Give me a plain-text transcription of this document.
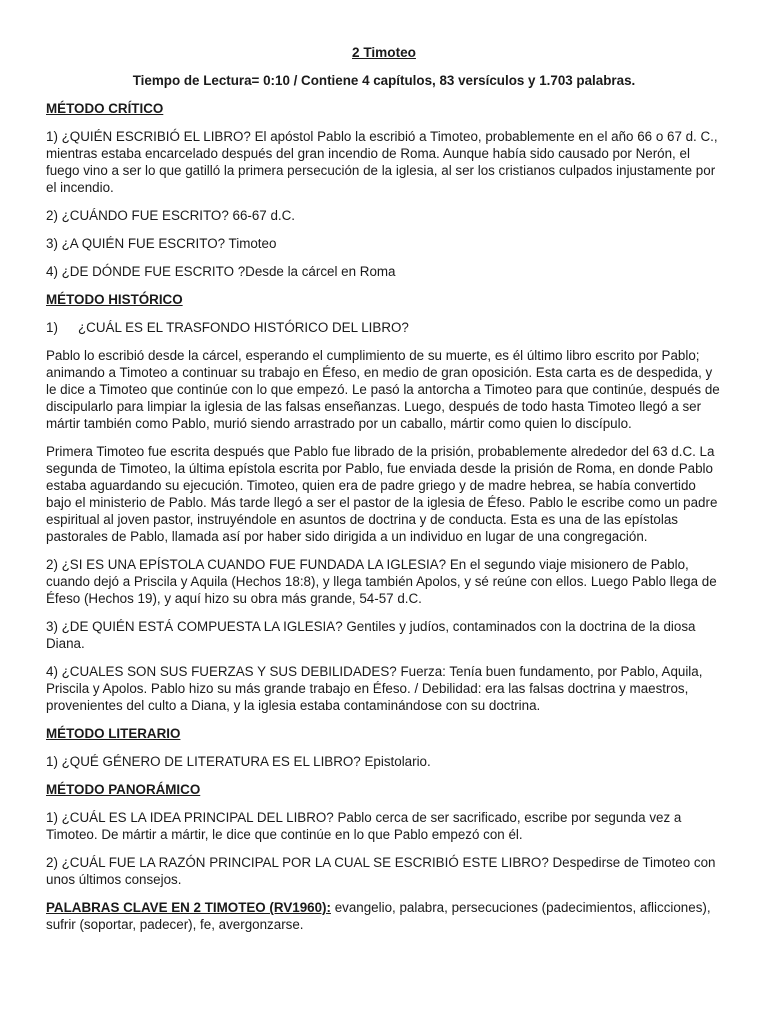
2 Timoteo
Tiempo de Lectura= 0:10 / Contiene 4 capítulos, 83 versículos y 1.703 palabras.
MÉTODO CRÍTICO

1) ¿QUIÉN ESCRIBIÓ EL LIBRO? El apóstol Pablo la escribió a Timoteo, probablemente en el año 66 o 67 d. C., mientras estaba encarcelado después del gran incendio de Roma. Aunque había sido causado por Nerón, el fuego vino a ser lo que gatilló la primera persecución de la iglesia, al ser los cristianos culpados injustamente por el incendio.

2) ¿CUÁNDO FUE ESCRITO? 66-67 d.C.

3) ¿A QUIÉN FUE ESCRITO? Timoteo

4) ¿DE DÓNDE FUE ESCRITO ?Desde la cárcel en Roma

MÉTODO HISTÓRICO

1)	¿CUÁL ES EL TRASFONDO HISTÓRICO DEL LIBRO?

Pablo lo escribió desde la cárcel, esperando el cumplimiento de su muerte, es él último libro escrito por Pablo; animando a Timoteo a continuar su trabajo en Éfeso, en medio de gran oposición. Esta carta es de despedida, y le dice a Timoteo que continúe con lo que empezó. Le pasó la antorcha a Timoteo para que continúe, después de discipularlo para limpiar la iglesia de las falsas enseñanzas. Luego, después de todo hasta Timoteo llegó a ser mártir también como Pablo, murió siendo arrastrado por un caballo, mártir como quien lo discípulo.

Primera Timoteo fue escrita después que Pablo fue librado de la prisión, probablemente alrededor del 63 d.C. La segunda de Timoteo, la última epístola escrita por Pablo, fue enviada desde la prisión de Roma, en donde Pablo estaba aguardando su ejecución. Timoteo, quien era de padre griego y de madre hebrea, se había convertido bajo el ministerio de Pablo. Más tarde llegó a ser el pastor de la iglesia de Éfeso. Pablo le escribe como un padre espiritual al joven pastor, instruyéndole en asuntos de doctrina y de conducta. Esta es una de las epístolas pastorales de Pablo, llamada así por haber sido dirigida a un individuo en lugar de una congregación.

2) ¿SI ES UNA EPÍSTOLA CUANDO FUE FUNDADA LA IGLESIA? En el segundo viaje misionero de Pablo, cuando dejó a Priscila y Aquila (Hechos 18:8), y llega también Apolos, y sé reúne con ellos. Luego Pablo llega de Éfeso (Hechos 19), y aquí hizo su obra más grande, 54-57 d.C.

3) ¿DE QUIÉN ESTÁ COMPUESTA LA IGLESIA? Gentiles y judíos, contaminados con la doctrina de la diosa Diana.

4) ¿CUALES SON SUS FUERZAS Y SUS DEBILIDADES? Fuerza: Tenía buen fundamento, por Pablo, Aquila, Priscila y Apolos. Pablo hizo su más grande trabajo en Éfeso. / Debilidad: era las falsas doctrina y maestros, provenientes del culto a Diana, y la iglesia estaba contaminándose con su doctrina.

MÉTODO LITERARIO

1) ¿QUÉ GÉNERO DE LITERATURA ES EL LIBRO? Epistolario.

MÉTODO PANORÁMICO

1) ¿CUÁL ES LA IDEA PRINCIPAL DEL LIBRO? Pablo cerca de ser sacrificado, escribe por segunda vez a Timoteo. De mártir a mártir, le dice que continúe en lo que Pablo empezó con él.

2) ¿CUÁL FUE LA RAZÓN PRINCIPAL POR LA CUAL SE ESCRIBIÓ ESTE LIBRO? Despedirse de Timoteo con unos últimos consejos.

PALABRAS CLAVE EN 2 TIMOTEO (RV1960): evangelio, palabra, persecuciones (padecimientos, aflicciones), sufrir (soportar, padecer), fe, avergonzarse.
